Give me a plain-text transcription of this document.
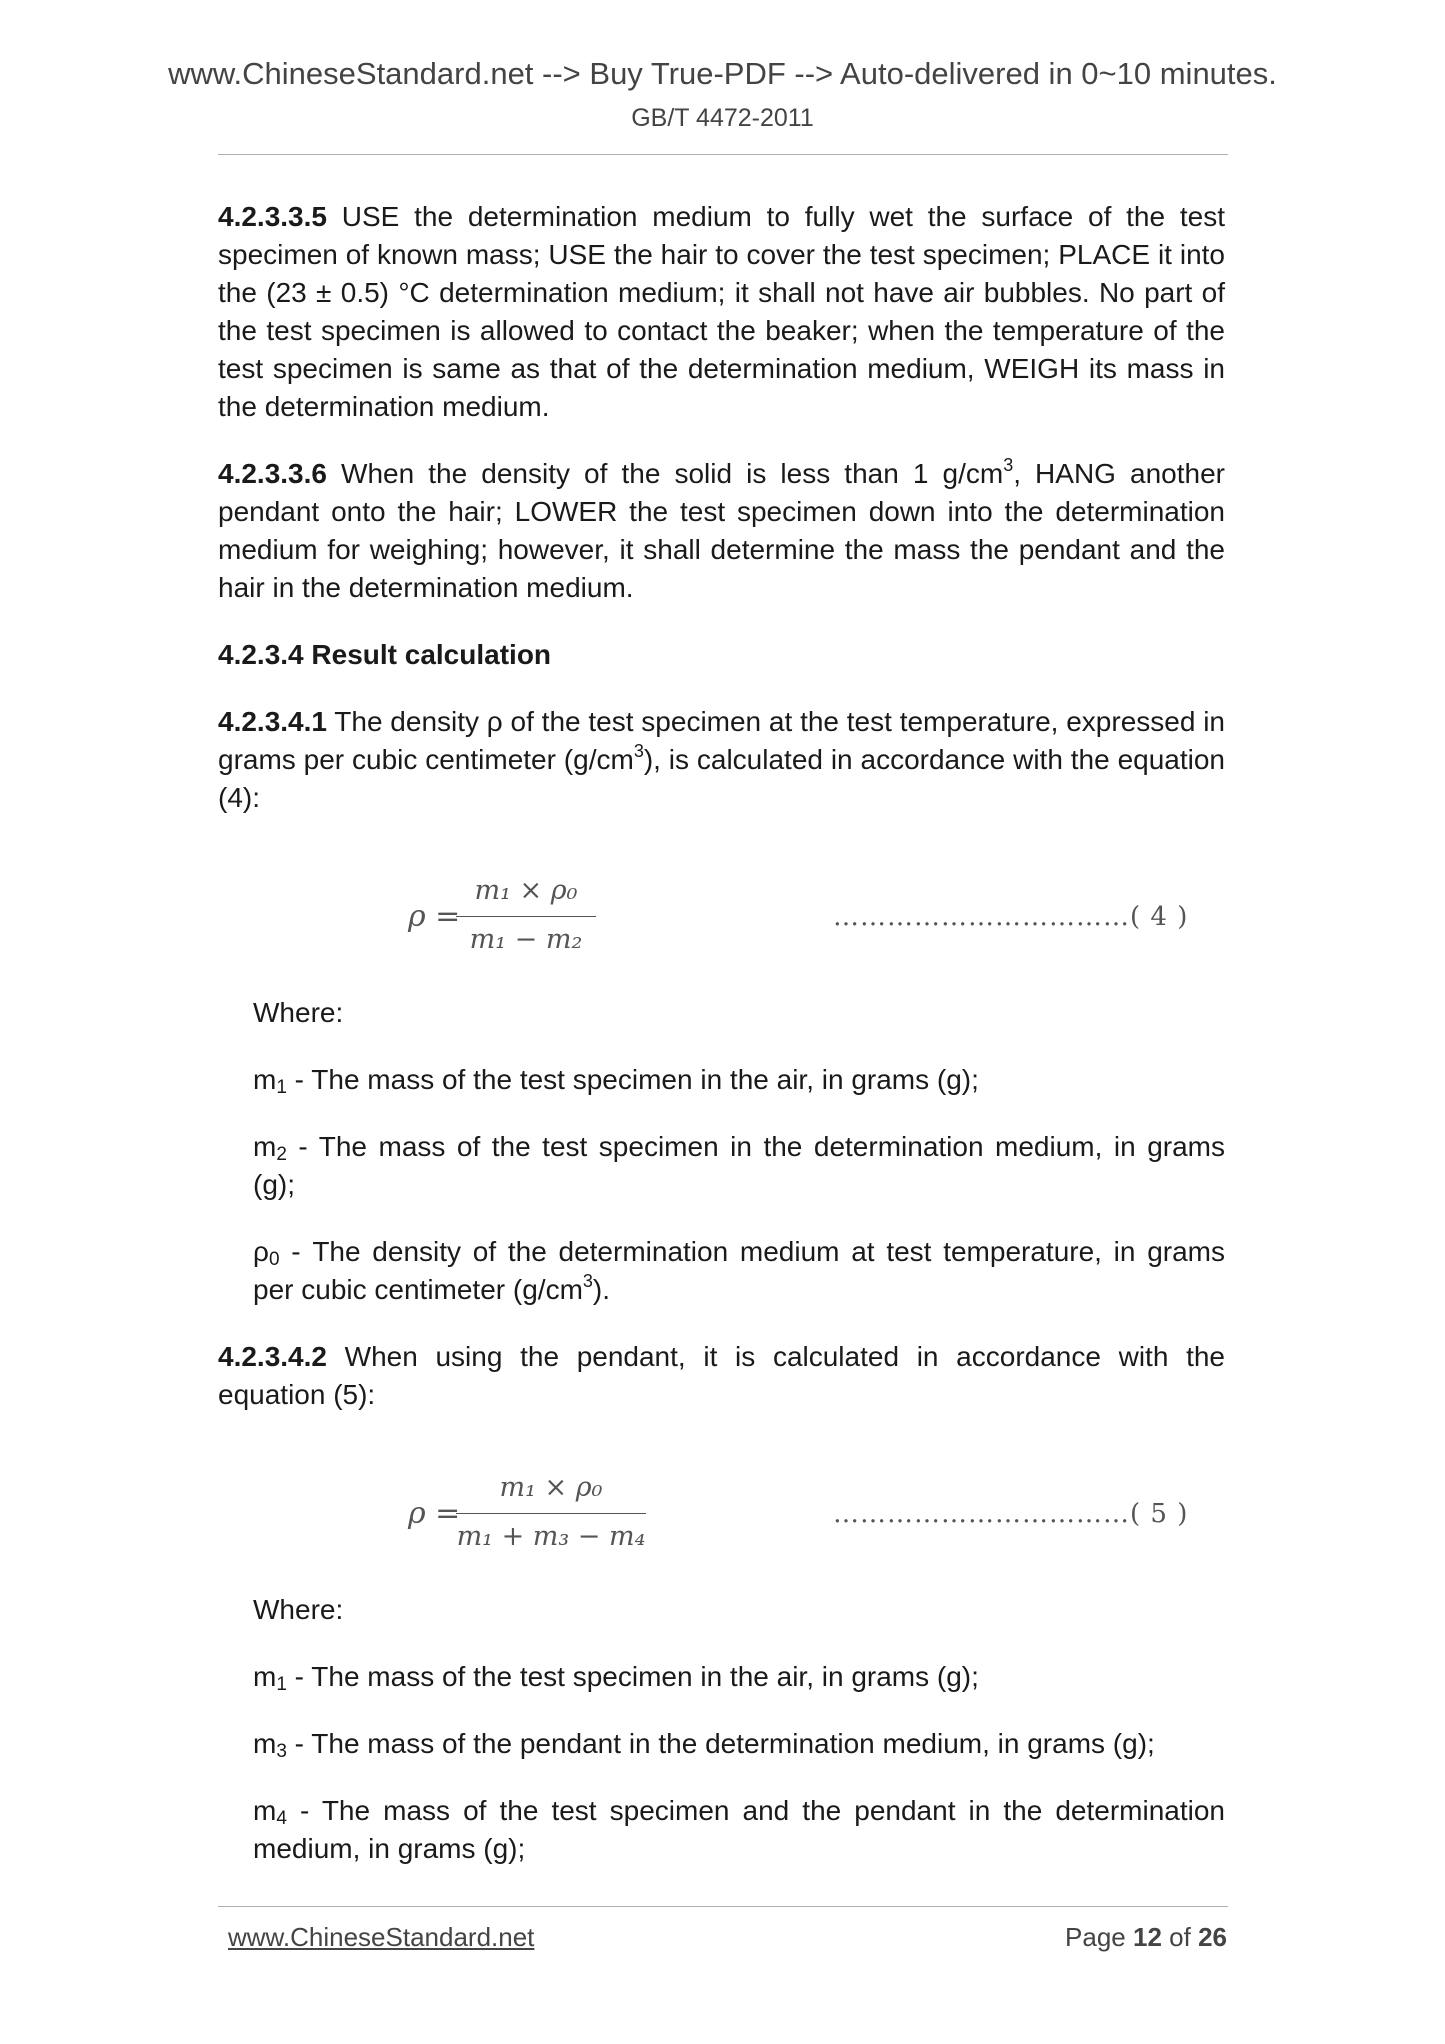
www.ChineseStandard.net --> Buy True-PDF --> Auto-delivered in 0~10 minutes.
GB/T 4472-2011

4.2.3.3.5 USE the determination medium to fully wet the surface of the test specimen of known mass; USE the hair to cover the test specimen; PLACE it into the (23 ± 0.5) °C determination medium; it shall not have air bubbles. No part of the test specimen is allowed to contact the beaker; when the temperature of the test specimen is same as that of the determination medium, WEIGH its mass in the determination medium.

4.2.3.3.6 When the density of the solid is less than 1 $g/cm^3$, HANG another pendant onto the hair; LOWER the test specimen down into the determination medium for weighing; however, it shall determine the mass the pendant and the hair in the determination medium.

4.2.3.4 Result calculation

4.2.3.4.1 The density ρ of the test specimen at the test temperature, expressed in grams per cubic centimeter $(g/cm^3)$, is calculated in accordance with the equation (4):

ρ =
$\frac{\text{m₁ × ρ₀}}{\text{m₁ − m₂}}$	……………………………( 4 )

Where:

$m_1$ - The mass of the test specimen in the air, in grams (g);

$m_2$ - The mass of the test specimen in the determination medium, in grams (g);

$\rho_0$ - The density of the determination medium at test temperature, in grams per cubic centimeter $(g/cm^3)$.

4.2.3.4.2 When using the pendant, it is calculated in accordance with the equation (5):

ρ =
$\frac{\text{m₁ × ρ₀}}{\text{m₁ + m₃ − m₄}}$	……………………………( 5 )

Where:

$m_1$ - The mass of the test specimen in the air, in grams (g);

$m_3$ - The mass of the pendant in the determination medium, in grams (g);

$m_4$ - The mass of the test specimen and the pendant in the determination medium, in grams (g);

www.ChineseStandard.net	Page 12 of 26
